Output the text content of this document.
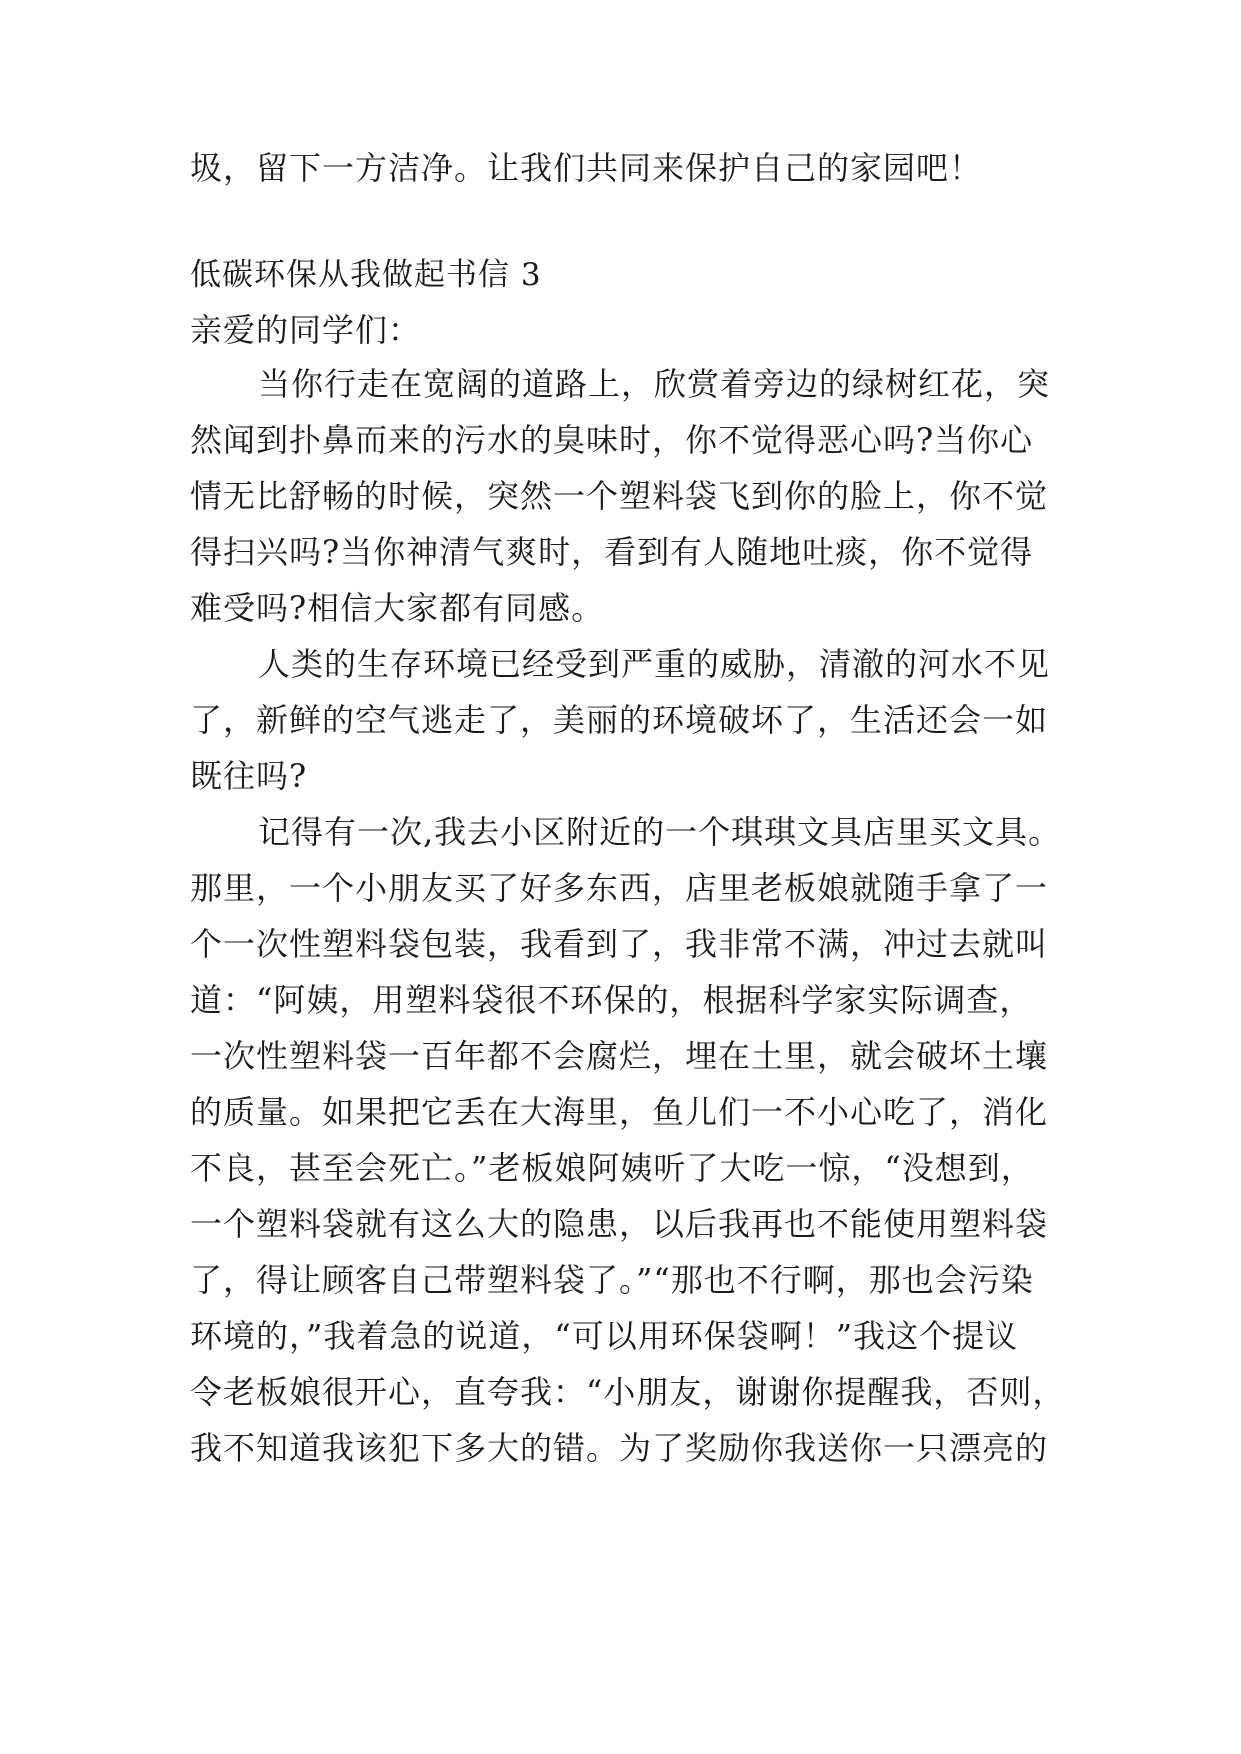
圾，留下一方洁净。让我们共同来保护自己的家园吧！
低碳环保从我做起书信 3
亲爱的同学们：
当你行走在宽阔的道路上，欣赏着旁边的绿树红花，突
然闻到扑鼻而来的污水的臭味时，你不觉得恶心吗?当你心
情无比舒畅的时候，突然一个塑料袋飞到你的脸上，你不觉
得扫兴吗?当你神清气爽时，看到有人随地吐痰，你不觉得
难受吗?相信大家都有同感。
人类的生存环境已经受到严重的威胁，清澈的河水不见
了，新鲜的空气逃走了，美丽的环境破坏了，生活还会一如
既往吗?
记得有一次,我去小区附近的一个琪琪文具店里买文具。
那里，一个小朋友买了好多东西，店里老板娘就随手拿了一
个一次性塑料袋包装，我看到了，我非常不满，冲过去就叫
道：“阿姨，用塑料袋很不环保的，根据科学家实际调查，
一次性塑料袋一百年都不会腐烂，埋在土里，就会破坏土壤
的质量。如果把它丢在大海里，鱼儿们一不小心吃了，消化
不良，甚至会死亡。”老板娘阿姨听了大吃一惊，“没想到，
一个塑料袋就有这么大的隐患，以后我再也不能使用塑料袋
了，得让顾客自己带塑料袋了。”“那也不行啊，那也会污染
环境的，”我着急的说道，“可以用环保袋啊！”我这个提议
令老板娘很开心，直夸我：“小朋友，谢谢你提醒我，否则，
我不知道我该犯下多大的错。为了奖励你我送你一只漂亮的
